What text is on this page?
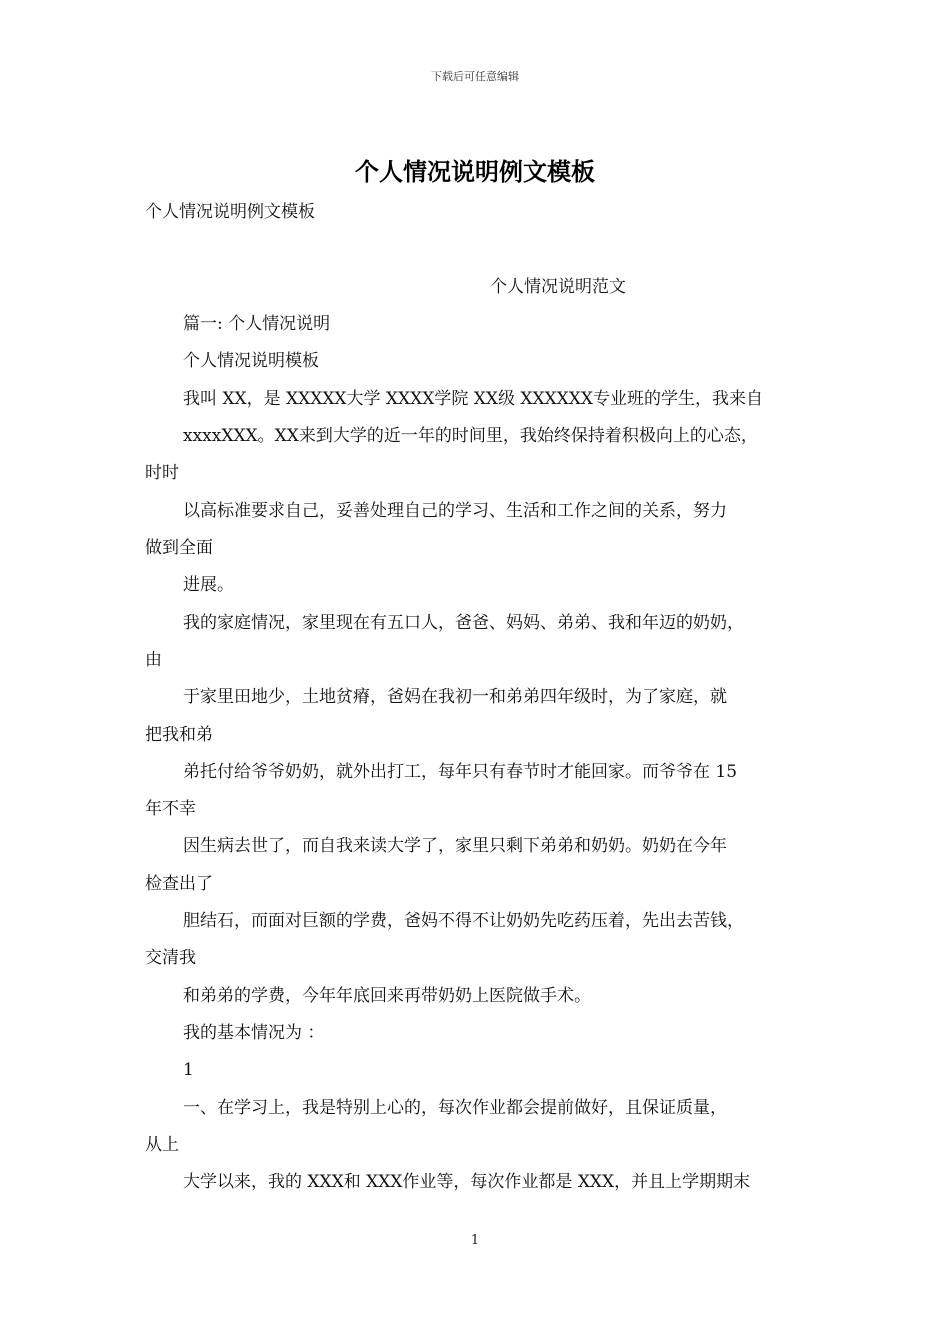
下载后可任意编辑
个人情况说明例文模板
个人情况说明例文模板
个人情况说明范文
篇一: 个人情况说明
个人情况说明模板
我叫 XX，是 XXXXX大学 XXXX学院 XX级 XXXXXX专业班的学生，我来自
xxxxXXX。XX来到大学的近一年的时间里，我始终保持着积极向上的心态，
时时
以高标准要求自己，妥善处理自己的学习、生活和工作之间的关系，努力
做到全面
进展。
我的家庭情况，家里现在有五口人，爸爸、妈妈、弟弟、我和年迈的奶奶，
由
于家里田地少，土地贫瘠，爸妈在我初一和弟弟四年级时，为了家庭，就
把我和弟
弟托付给爷爷奶奶，就外出打工，每年只有春节时才能回家。而爷爷在 15
年不幸
因生病去世了，而自我来读大学了，家里只剩下弟弟和奶奶。奶奶在今年
检查出了
胆结石，而面对巨额的学费，爸妈不得不让奶奶先吃药压着，先出去苦钱，
交清我
和弟弟的学费，今年年底回来再带奶奶上医院做手术。
我的基本情况为 ：
1
一、在学习上，我是特别上心的，每次作业都会提前做好，且保证质量，
从上
大学以来，我的 XXX和 XXX作业等，每次作业都是 XXX，并且上学期期末
1
